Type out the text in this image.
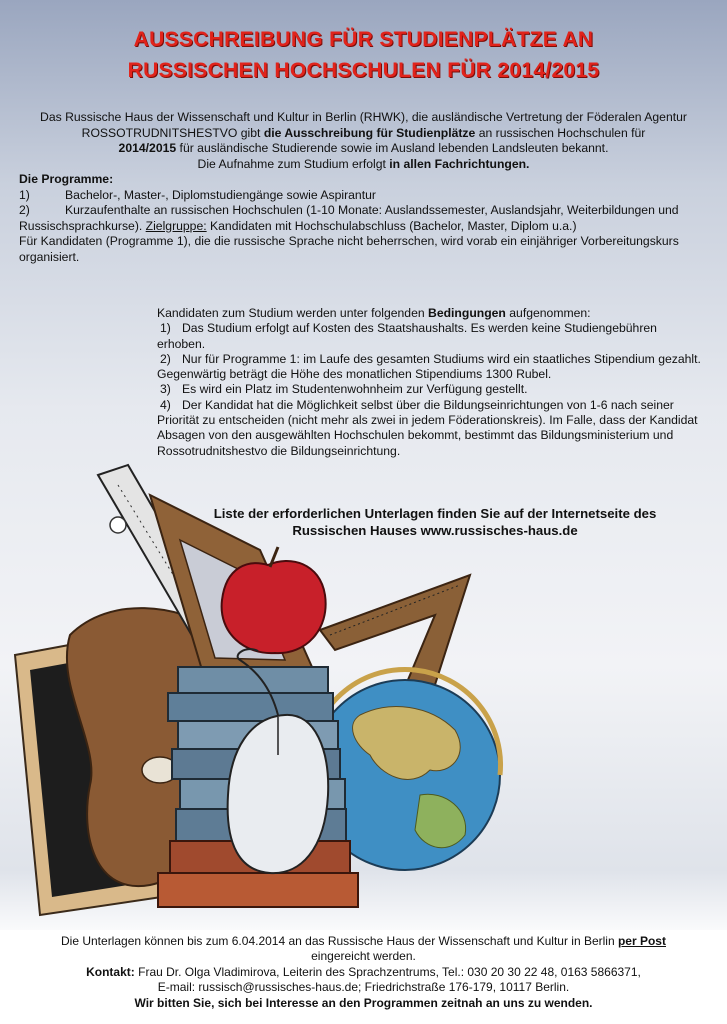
AUSSCHREIBUNG FÜR STUDIENPLÄTZE AN
RUSSISCHEN HOCHSCHULEN FÜR 2014/2015
Das Russische Haus der Wissenschaft und Kultur in Berlin (RHWK), die ausländische Vertretung der Föderalen Agentur ROSSOTRUDNITSHESTVO gibt die Ausschreibung für Studienplätze an russischen Hochschulen für
2014/2015 für ausländische Studierende sowie im Ausland lebenden Landsleuten bekannt.
Die Aufnahme zum Studium erfolgt in allen Fachrichtungen.
Die Programme:
1)	Bachelor-, Master-, Diplomstudiengänge sowie Aspirantur
2)	Kurzaufenthalte an russischen Hochschulen (1-10 Monate: Auslandssemester, Auslandsjahr, Weiterbildungen und Russischsprachkurse). Zielgruppe: Kandidaten mit Hochschulabschluss (Bachelor, Master, Diplom u.a.)
Für Kandidaten (Programme 1), die die russische Sprache nicht beherrschen, wird vorab ein einjähriger Vorbereitungskurs organisiert.
Kandidaten zum Studium werden unter folgenden Bedingungen aufgenommen:
1) Das Studium erfolgt auf Kosten des Staatshaushalts. Es werden keine Studiengebühren erhoben.
2) Nur für Programme 1: im Laufe des gesamten Studiums wird ein staatliches Stipendium gezahlt. Gegenwärtig beträgt die Höhe des monatlichen Stipendiums 1300 Rubel.
3) Es wird ein Platz im Studentenwohnheim zur Verfügung gestellt.
4) Der Kandidat hat die Möglichkeit selbst über die Bildungseinrichtungen von 1-6 nach seiner Priorität zu entscheiden (nicht mehr als zwei in jedem Föderationskreis). Im Falle, dass der Kandidat Absagen von den ausgewählten Hochschulen bekommt, bestimmt das Bildungsministerium und Rossotrudnitshestvo die Bildungseinrichtung.
Liste der erforderlichen Unterlagen finden Sie auf der Internetseite des
Russischen Hauses www.russisches-haus.de
Die Unterlagen können bis zum 6.04.2014 an das Russische Haus der Wissenschaft und Kultur in Berlin per Post
eingereicht werden.
Kontakt: Frau Dr. Olga Vladimirova, Leiterin des Sprachzentrums, Tel.: 030 20 30 22 48, 0163 5866371,
E-mail: russisch@russisches-haus.de; Friedrichstraße 176-179, 10117 Berlin.
Wir bitten Sie, sich bei Interesse an den Programmen zeitnah an uns zu wenden.
